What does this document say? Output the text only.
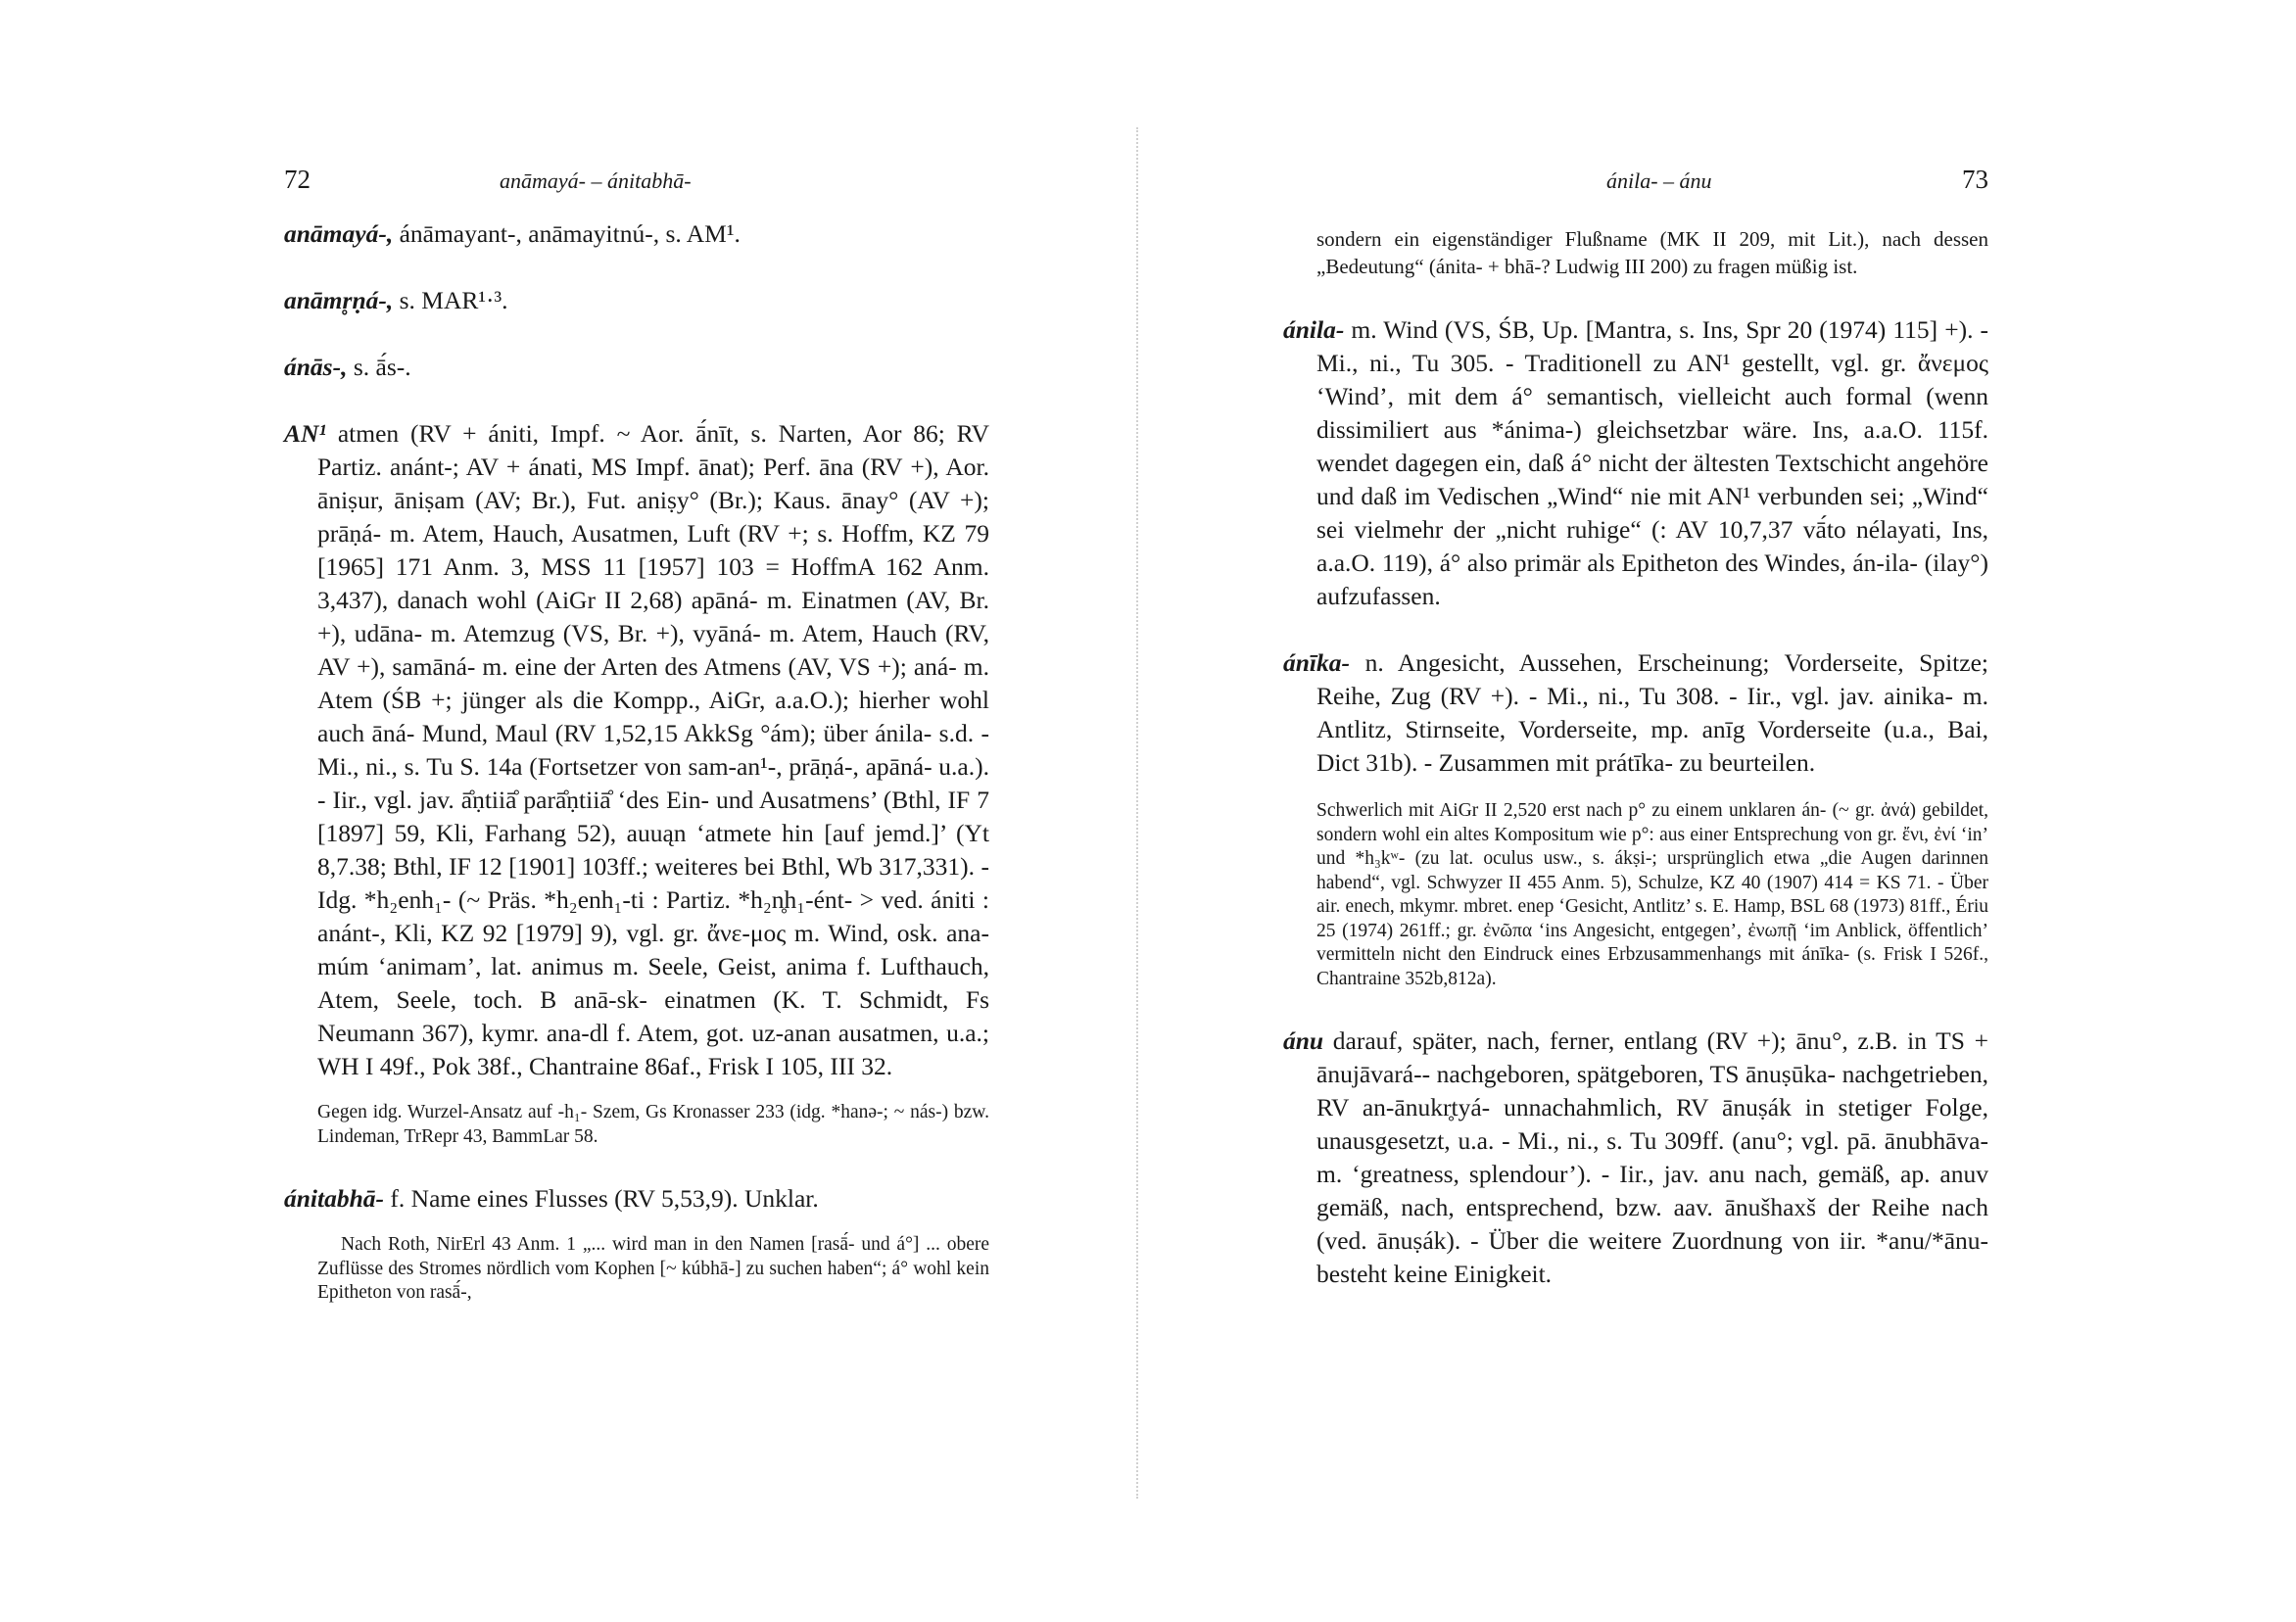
72	anāmayá- – ánitabhā-

anāmayá-, ánāmayant-, anāmayitnú-, s. AM¹.

anāmr̥ṇá-, s. MAR¹·³.

ánās-, s. ā́s-.

AN¹ atmen (RV + ániti, Impf. ~ Aor. ā́nīt, s. Narten, Aor 86; RV Partiz. anánt-; AV + ánati, MS Impf. ānat); Perf. āna (RV +), Aor. āniṣur, āniṣam (AV; Br.), Fut. aniṣy° (Br.); Kaus. ānay° (AV +); prāṇá- m. Atem, Hauch, Ausatmen, Luft (RV +; s. Hoffm, KZ 79 [1965] 171 Anm. 3, MSS 11 [1957] 103 = HoffmA 162 Anm. 3,437), danach wohl (AiGr II 2,68) apāná- m. Einatmen (AV, Br. +), udāna- m. Atemzug (VS, Br. +), vyāná- m. Atem, Hauch (RV, AV +), samāná- m. eine der Arten des Atmens (AV, VS +); aná- m. Atem (ŚB +; jünger als die Kompp., AiGr, a.a.O.); hierher wohl auch āná- Mund, Maul (RV 1,52,15 AkkSg °ám); über ánila- s.d. - Mi., ni., s. Tu S. 14a (Fortsetzer von sam-an¹-, prāṇá-, apāná- u.a.). - Iir., vgl. jav. ā̊ṇtiiā̊ parā̊ṇtiiā̊ ‘des Ein- und Ausatmens’ (Bthl, IF 7 [1897] 59, Kli, Farhang 52), auuąn ‘atmete hin [auf jemd.]’ (Yt 8,7.38; Bthl, IF 12 [1901] 103ff.; weiteres bei Bthl, Wb 317,331). - Idg. *h₂enh₁- (~ Präs. *h₂enh₁-ti : Partiz. *h₂n̥h₁-ént- > ved. ániti : anánt-, Kli, KZ 92 [1979] 9), vgl. gr. ἄνε-μος m. Wind, osk. ana-múm ‘animam’, lat. animus m. Seele, Geist, anima f. Lufthauch, Atem, Seele, toch. B anā-sk- einatmen (K. T. Schmidt, Fs Neumann 367), kymr. ana-dl f. Atem, got. uz-anan ausatmen, u.a.; WH I 49f., Pok 38f., Chantraine 86af., Frisk I 105, III 32.

Gegen idg. Wurzel-Ansatz auf -h₁- Szem, Gs Kronasser 233 (idg. *hanə-; ~ nás-) bzw. Lindeman, TrRepr 43, BammLar 58.

ánitabhā- f. Name eines Flusses (RV 5,53,9). Unklar.

Nach Roth, NirErl 43 Anm. 1 „... wird man in den Namen [rasā́- und á°] ... obere Zuflüsse des Stromes nördlich vom Kophen [~ kúbhā-] zu suchen haben“; á° wohl kein Epitheton von rasā́-,

ánila- – ánu	73

sondern ein eigenständiger Flußname (MK II 209, mit Lit.), nach dessen „Bedeutung“ (ánita- + bhā-? Ludwig III 200) zu fragen müßig ist.

ánila- m. Wind (VS, ŚB, Up. [Mantra, s. Ins, Spr 20 (1974) 115] +). - Mi., ni., Tu 305. - Traditionell zu AN¹ gestellt, vgl. gr. ἄνεμος ‘Wind’, mit dem á° semantisch, vielleicht auch formal (wenn dissimiliert aus *ánima-) gleichsetzbar wäre. Ins, a.a.O. 115f. wendet dagegen ein, daß á° nicht der ältesten Textschicht angehöre und daß im Vedischen „Wind“ nie mit AN¹ verbunden sei; „Wind“ sei vielmehr der „nicht ruhige“ (: AV 10,7,37 vā́to nélayati, Ins, a.a.O. 119), á° also primär als Epitheton des Windes, án-ila- (ilay°) aufzufassen.

ánīka- n. Angesicht, Aussehen, Erscheinung; Vorderseite, Spitze; Reihe, Zug (RV +). - Mi., ni., Tu 308. - Iir., vgl. jav. ainika- m. Antlitz, Stirnseite, Vorderseite, mp. anīg Vorderseite (u.a., Bai, Dict 31b). - Zusammen mit prátīka- zu beurteilen.

Schwerlich mit AiGr II 2,520 erst nach p° zu einem unklaren án- (~ gr. ἀνά) gebildet, sondern wohl ein altes Kompositum wie p°: aus einer Entsprechung von gr. ἔνι, ἐνί ‘in’ und *h₃kʷ- (zu lat. oculus usw., s. ákṣi-; ursprünglich etwa „die Augen darinnen habend“, vgl. Schwyzer II 455 Anm. 5), Schulze, KZ 40 (1907) 414 = KS 71. - Über air. enech, mkymr. mbret. enep ‘Gesicht, Antlitz’ s. E. Hamp, BSL 68 (1973) 81ff., Ériu 25 (1974) 261ff.; gr. ἐνῶπα ‘ins Angesicht, entgegen’, ἐνωπῇ ‘im Anblick, öffentlich’ vermitteln nicht den Eindruck eines Erbzusammenhangs mit ánīka- (s. Frisk I 526f., Chantraine 352b,812a).

ánu darauf, später, nach, ferner, entlang (RV +); ānu°, z.B. in TS + ānujāvará-- nachgeboren, spätgeboren, TS ānuṣūka- nachgetrieben, RV an-ānukr̥tyá- unnachahmlich, RV ānuṣák in stetiger Folge, unausgesetzt, u.a. - Mi., ni., s. Tu 309ff. (anu°; vgl. pā. ānubhāva- m. ‘greatness, splendour’). - Iir., jav. anu nach, gemäß, ap. anuv gemäß, nach, entsprechend, bzw. aav. ānušhaxš der Reihe nach (ved. ānuṣák). - Über die weitere Zuordnung von iir. *anu/*ānu- besteht keine Einigkeit.
